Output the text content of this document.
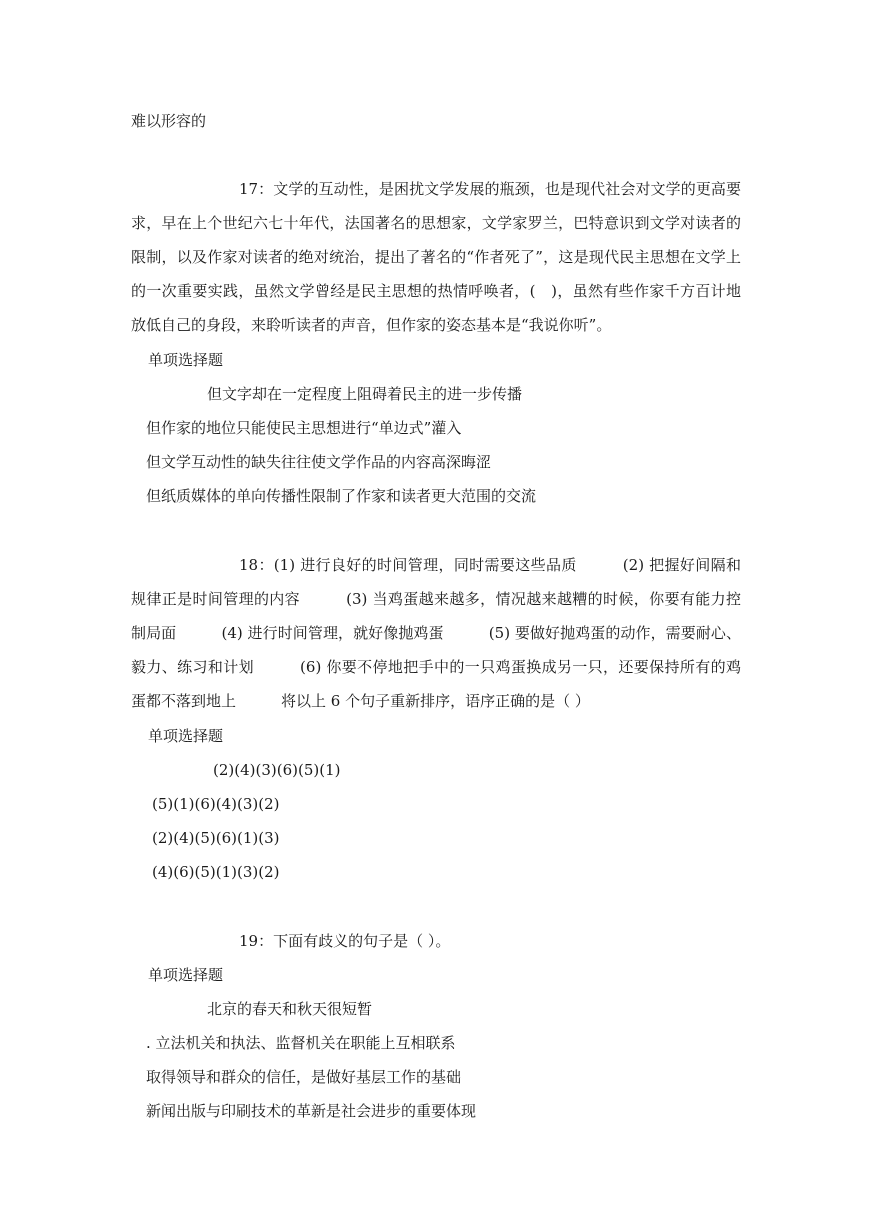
难以形容的

17：文学的互动性，是困扰文学发展的瓶颈，也是现代社会对文学的更高要求，早在上个世纪六七十年代，法国著名的思想家，文学家罗兰，巴特意识到文学对读者的限制，以及作家对读者的绝对统治，提出了著名的“作者死了”，这是现代民主思想在文学上的一次重要实践，虽然文学曾经是民主思想的热情呼唤者，(　)，虽然有些作家千方百计地放低自己的身段，来聆听读者的声音，但作家的姿态基本是“我说你听”。

单项选择题
但文字却在一定程度上阻碍着民主的进一步传播
但作家的地位只能使民主思想进行“单边式”灌入
但文学互动性的缺失往往使文学作品的内容高深晦涩
但纸质媒体的单向传播性限制了作家和读者更大范围的交流

18：(1) 进行良好的时间管理，同时需要这些品质　　　(2) 把握好间隔和规律正是时间管理的内容　　　(3) 当鸡蛋越来越多，情况越来越糟的时候，你要有能力控制局面　　　(4) 进行时间管理，就好像抛鸡蛋　　　(5) 要做好抛鸡蛋的动作，需要耐心、毅力、练习和计划　　　(6) 你要不停地把手中的一只鸡蛋换成另一只，还要保持所有的鸡蛋都不落到地上　　　将以上 6 个句子重新排序，语序正确的是（ ）

单项选择题
(2)(4)(3)(6)(5)(1)
(5)(1)(6)(4)(3)(2)
(2)(4)(5)(6)(1)(3)
(4)(6)(5)(1)(3)(2)

19：下面有歧义的句子是（ ）。

单项选择题
北京的春天和秋天很短暂
. 立法机关和执法、监督机关在职能上互相联系
取得领导和群众的信任，是做好基层工作的基础
新闻出版与印刷技术的革新是社会进步的重要体现
